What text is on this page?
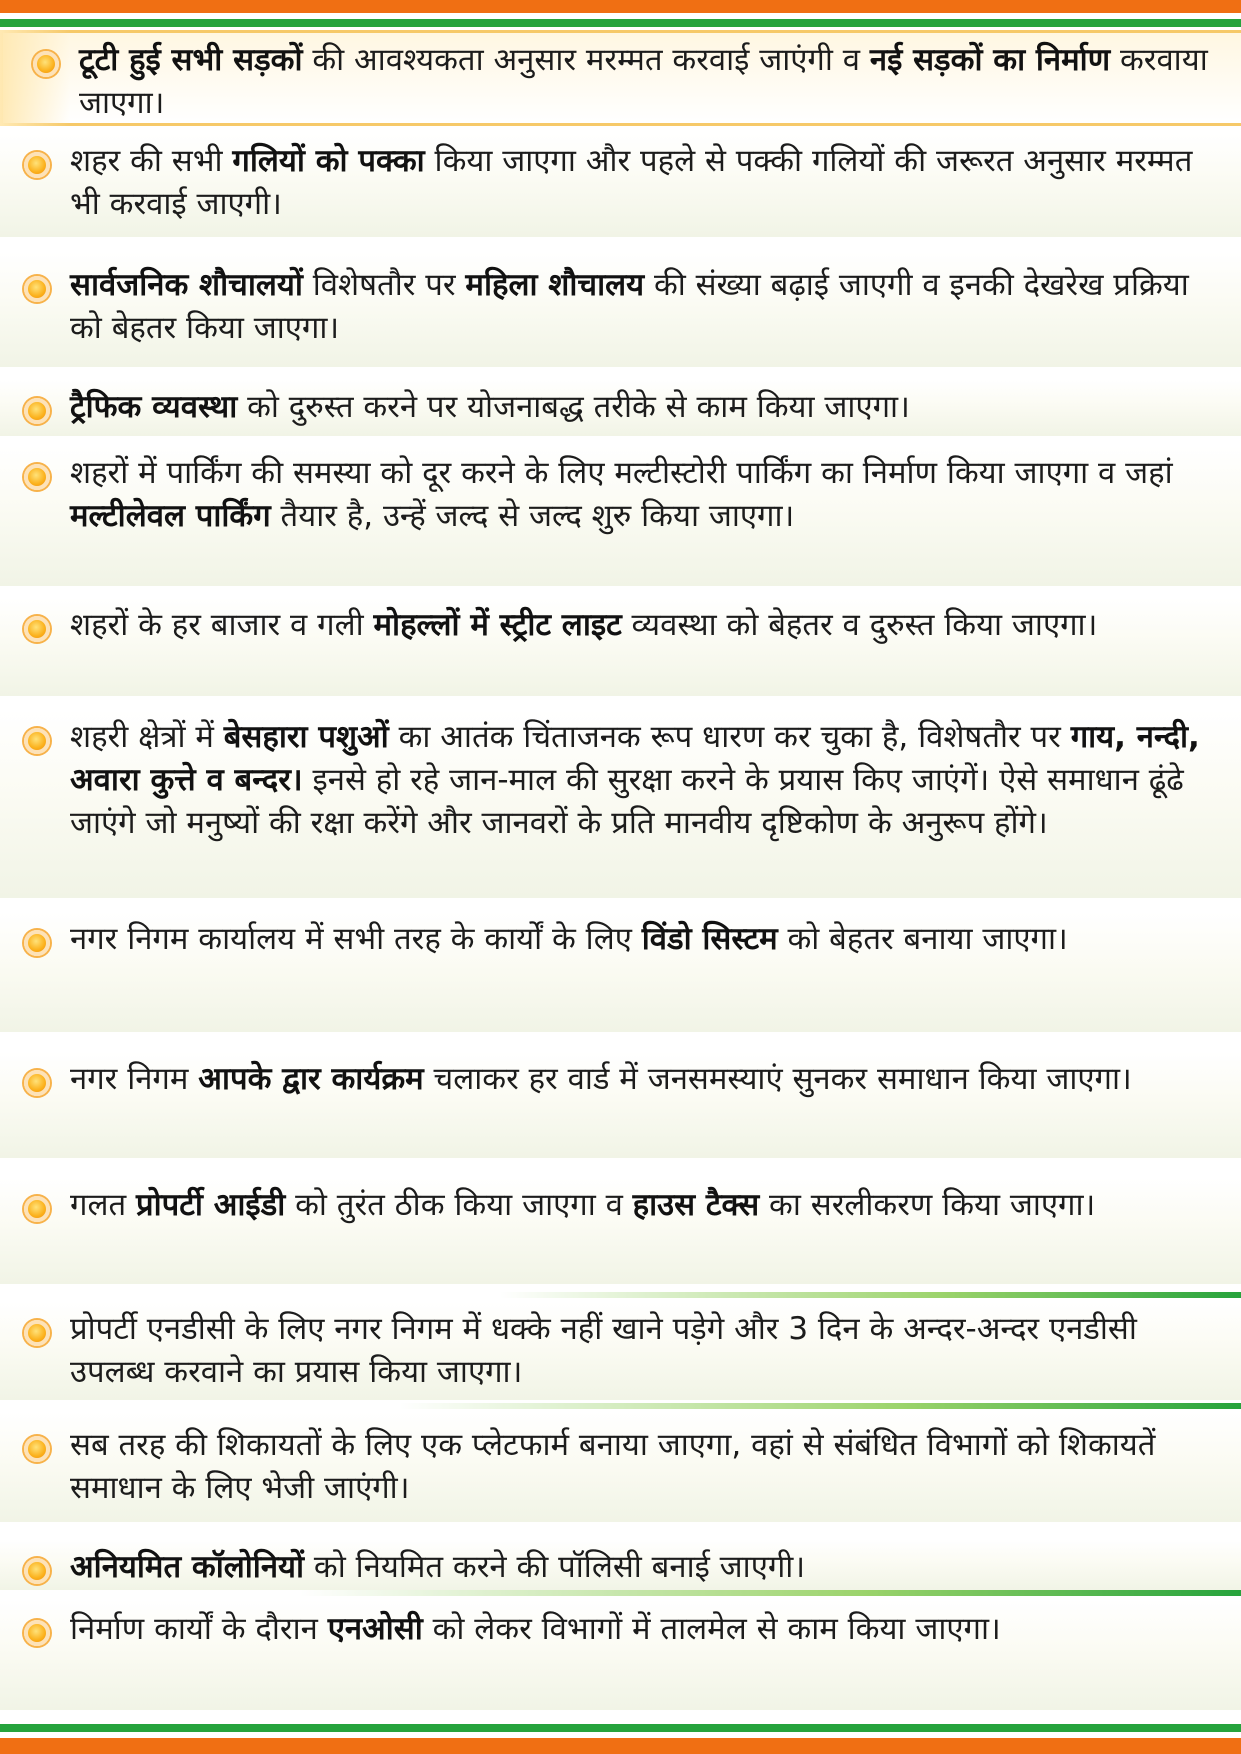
टूटी हुई सभी सड़कों की आवश्यकता अनुसार मरम्मत करवाई जाएंगी व नई सड़कों का निर्माण करवाया जाएगा।
शहर की सभी गलियों को पक्का किया जाएगा और पहले से पक्की गलियों की जरूरत अनुसार मरम्मत भी करवाई जाएगी।
सार्वजनिक शौचालयों विशेषतौर पर महिला शौचालय की संख्या बढ़ाई जाएगी व इनकी देखरेख प्रक्रिया को बेहतर किया जाएगा।
ट्रैफिक व्यवस्था को दुरुस्त करने पर योजनाबद्ध तरीके से काम किया जाएगा।
शहरों में पार्किंग की समस्या को दूर करने के लिए मल्टीस्टोरी पार्किंग का निर्माण किया जाएगा व जहां मल्टीलेवल पार्किंग तैयार है, उन्हें जल्द से जल्द शुरु किया जाएगा।
शहरों के हर बाजार व गली मोहल्लों में स्ट्रीट लाइट व्यवस्था को बेहतर व दुरुस्त किया जाएगा।
शहरी क्षेत्रों में बेसहारा पशुओं का आतंक चिंताजनक रूप धारण कर चुका है, विशेषतौर पर गाय, नन्दी, अवारा कुत्ते व बन्दर। इनसे हो रहे जान-माल की सुरक्षा करने के प्रयास किए जाएंगें। ऐसे समाधान ढूंढे जाएंगे जो मनुष्यों की रक्षा करेंगे और जानवरों के प्रति मानवीय दृष्टिकोण के अनुरूप होंगे।
नगर निगम कार्यालय में सभी तरह के कार्यों के लिए विंडो सिस्टम को बेहतर बनाया जाएगा।
नगर निगम आपके द्वार कार्यक्रम चलाकर हर वार्ड में जनसमस्याएं सुनकर समाधान किया जाएगा।
गलत प्रोपर्टी आईडी को तुरंत ठीक किया जाएगा व हाउस टैक्स का सरलीकरण किया जाएगा।
प्रोपर्टी एनडीसी के लिए नगर निगम में धक्के नहीं खाने पड़ेगे और 3 दिन के अन्दर-अन्दर एनडीसी उपलब्ध करवाने का प्रयास किया जाएगा।
सब तरह की शिकायतों के लिए एक प्लेटफार्म बनाया जाएगा, वहां से संबंधित विभागों को शिकायतें समाधान के लिए भेजी जाएंगी।
अनियमित कॉलोनियों को नियमित करने की पॉलिसी बनाई जाएगी।
निर्माण कार्यों के दौरान एनओसी को लेकर विभागों में तालमेल से काम किया जाएगा।
